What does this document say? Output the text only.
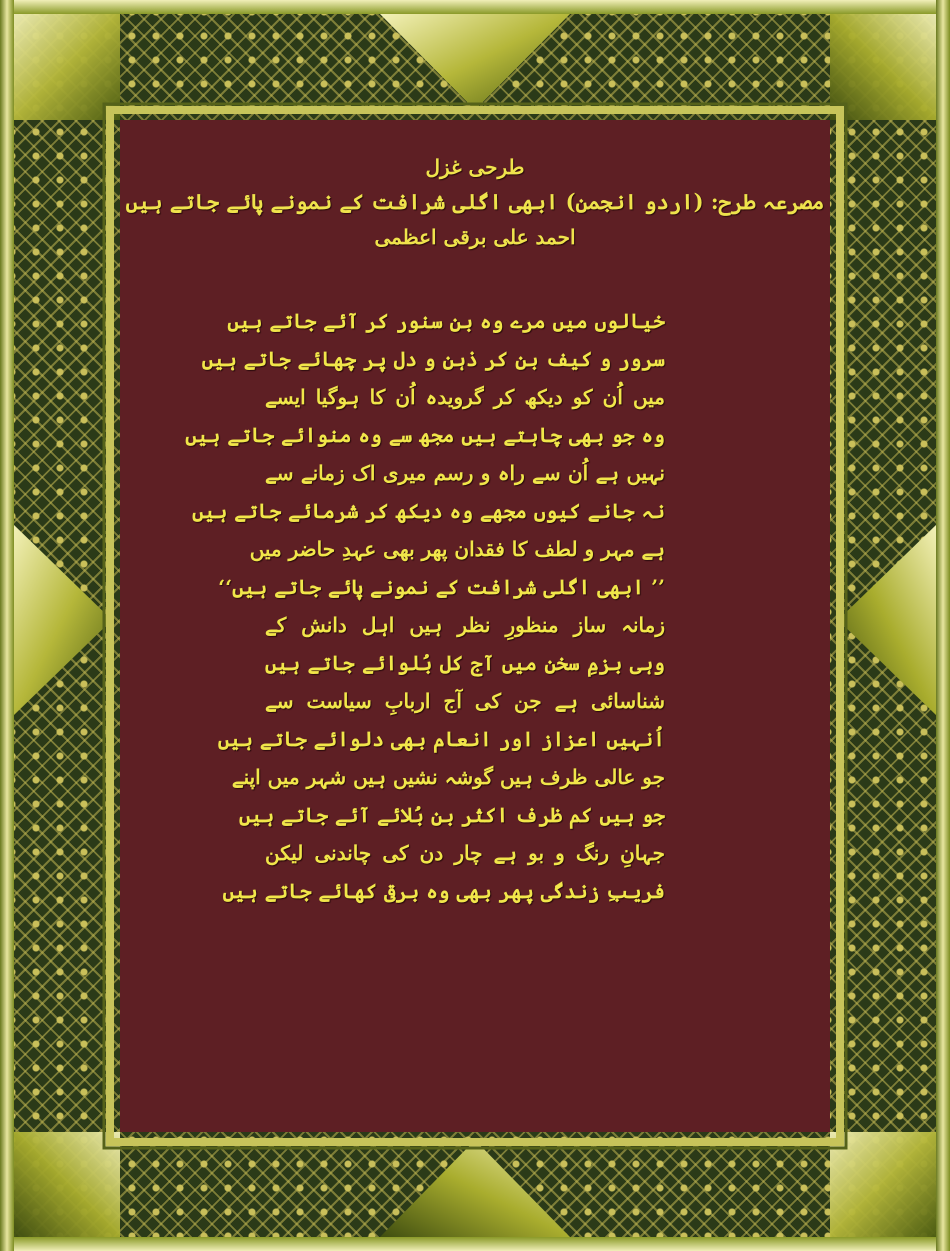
طرحی غزل
مصرعہ طرح: (اردو انجمن) ابھی اگلی شرافت کے نمونے پائے جاتے ہیں
احمد علی برقی اعظمی
خیالوں میں مرے وہ بن سنور کر آئے جاتے ہیں
سرور و کیف بن کر ذہن و دل پر چھائے جاتے ہیں
میں اُن کو دیکھ کر گرویدہ اُن کا ہوگیا ایسے
وہ جو بھی چاہتے ہیں مجھ سے وہ منوائے جاتے ہیں
نہیں ہے اُن سے راہ و رسم میری اک زمانے سے
نہ جانے کیوں مجھے وہ دیکھ کر شرمائے جاتے ہیں
ہے مہر و لطف کا فقدان پھر بھی عہدِ حاضر میں
’’ ابھی اگلی شرافت کے نمونے پائے جاتے ہیں‘‘
زمانہ ساز منظورِ نظر ہیں اہل دانش کے
وہی بزمِ سخن میں آج کل بُلوائے جاتے ہیں
شناسائی ہے جن کی آج اربابِ سیاست سے
اُنہیں اعزاز اور انعام بھی دلوائے جاتے ہیں
جو عالی ظرف ہیں گوشہ نشیں ہیں شہر میں اپنے
جو ہیں کم ظرف اکثر بن بُلائے آئے جاتے ہیں
جہانِ رنگ و بو ہے چار دن کی چاندنی لیکن
فریبِ زندگی پھر بھی وہ برقی کھائے جاتے ہیں
